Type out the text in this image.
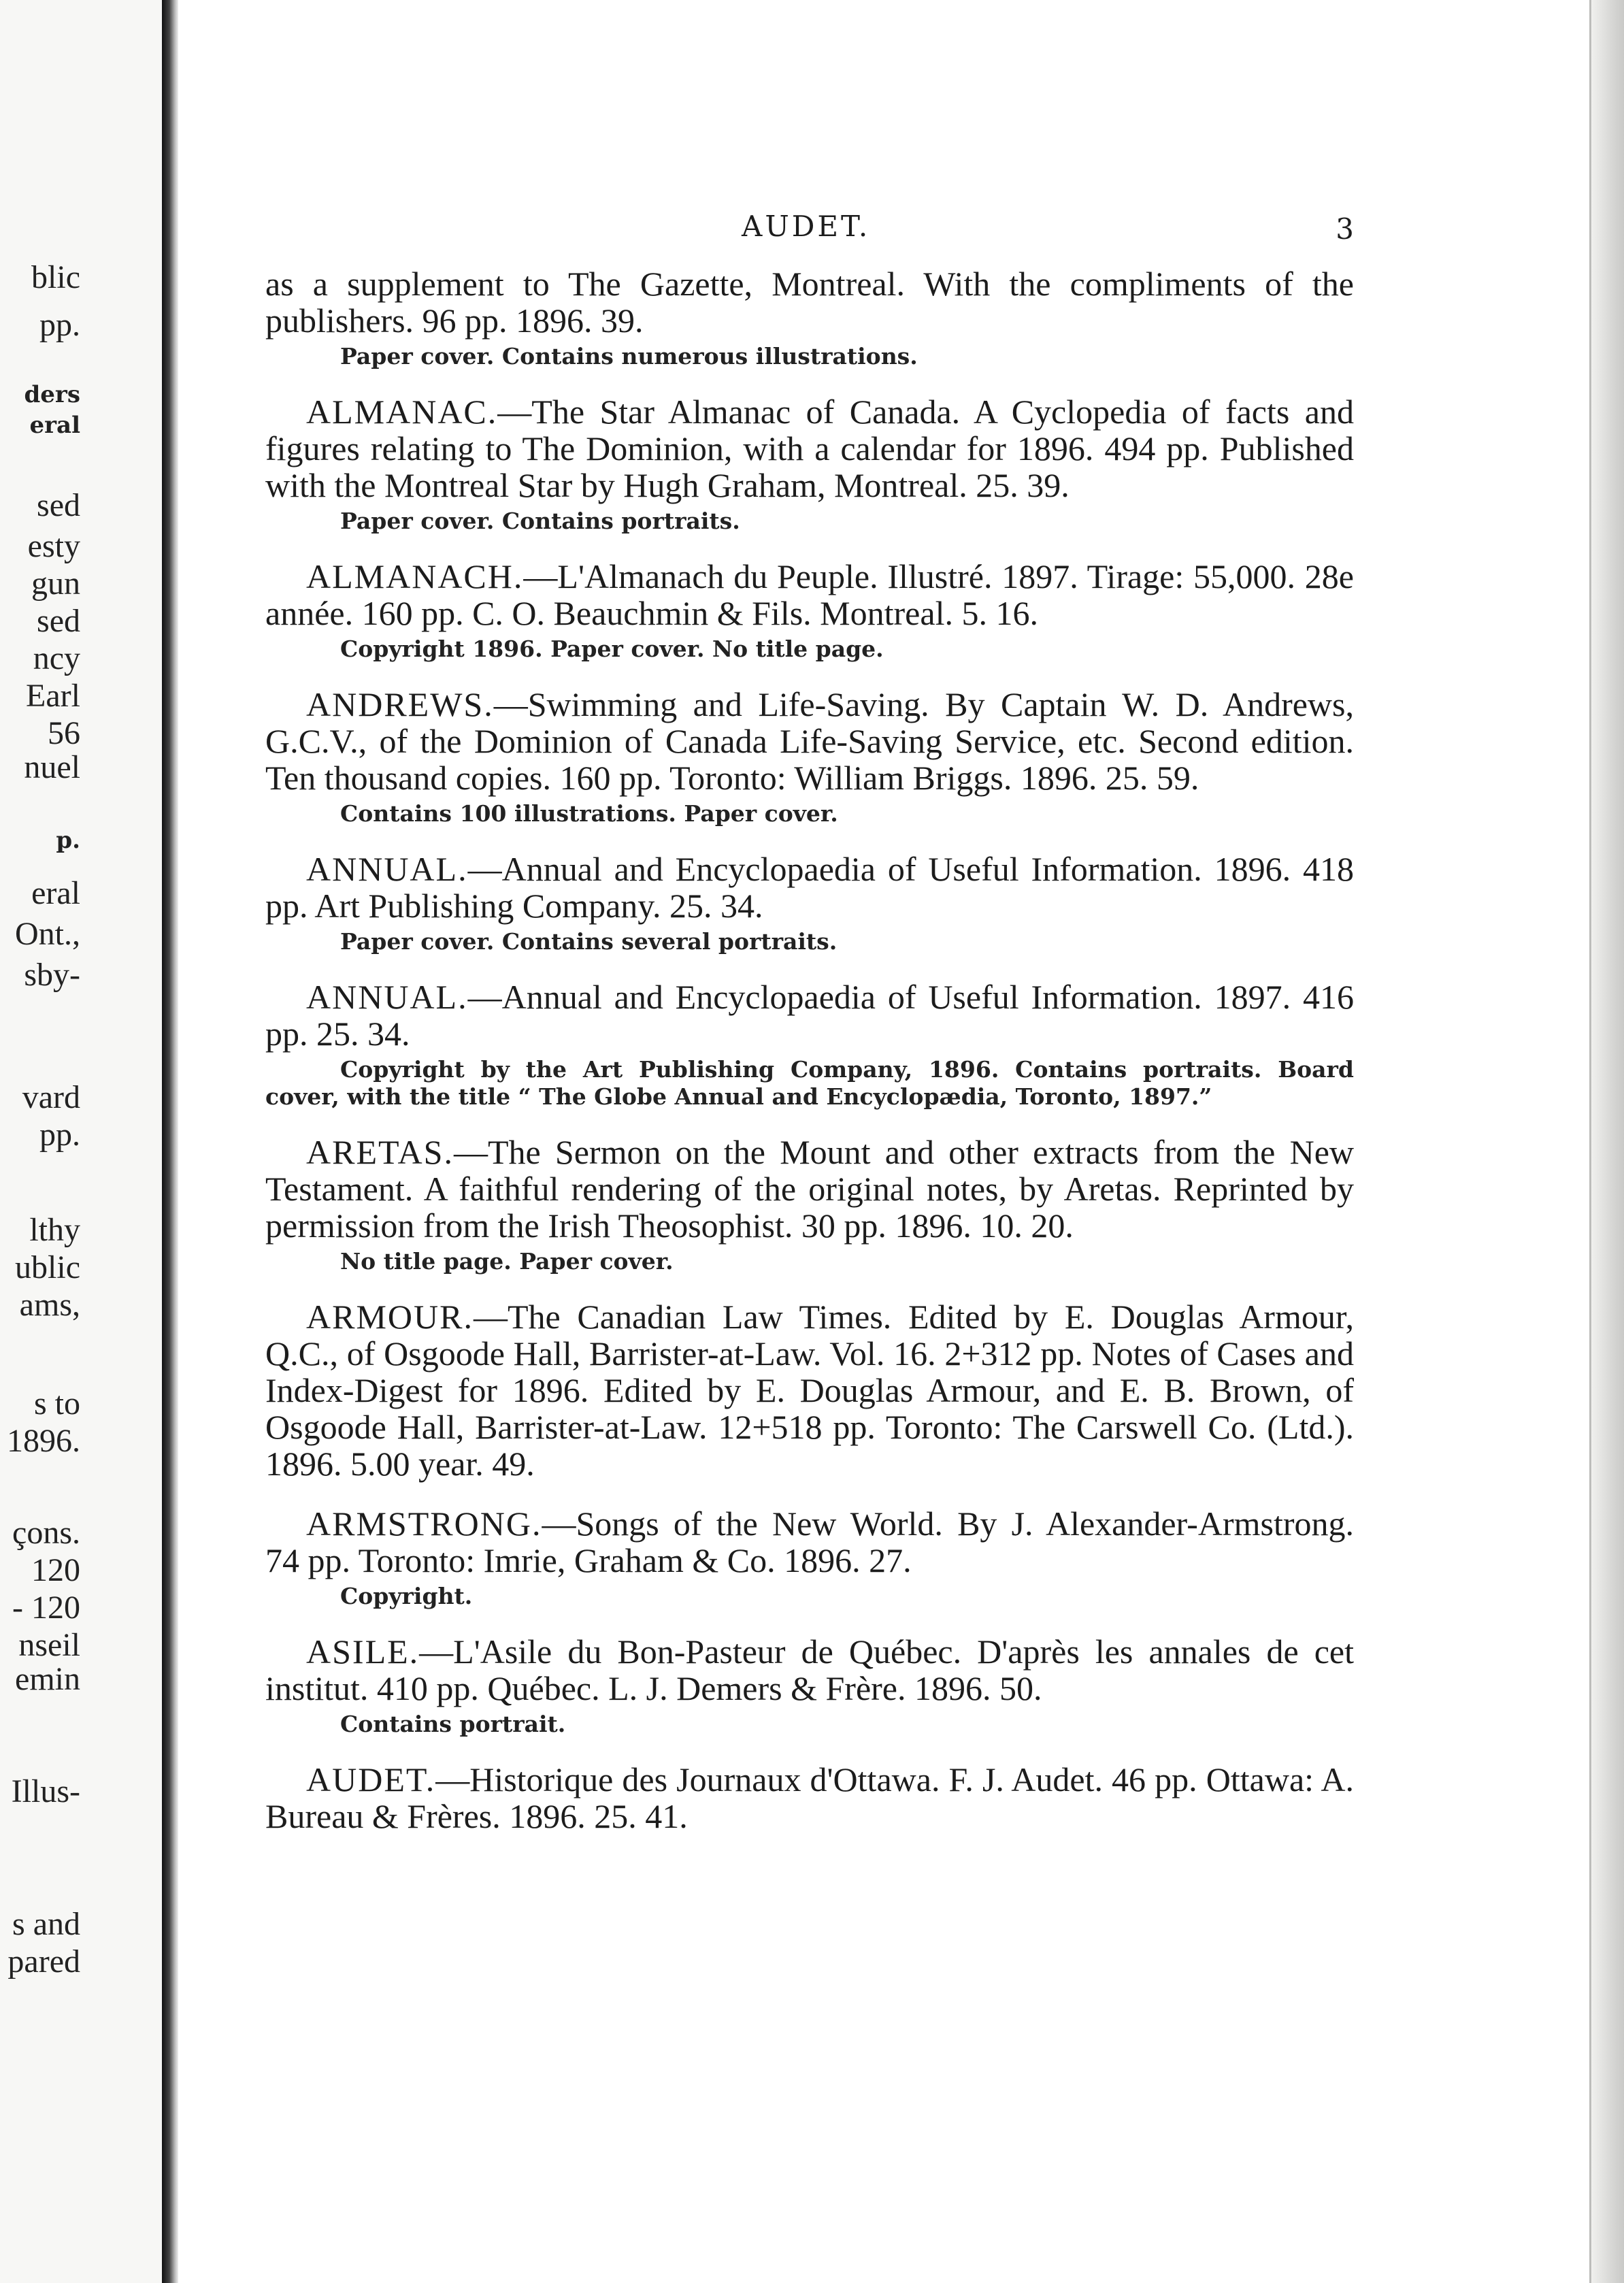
blic
pp.
ders
eral
sed
esty
gun
sed
ncy
Earl
56
nuel
p.
eral
Ont.,
sby-
vard
pp.
lthy
ublic
ams,
s to
1896.
çons.
120
- 120
nseil
emin
Illus-
s and
pared
AUDET.	3
as a supplement to The Gazette, Montreal. With the compliments of the publishers. 96 pp. 1896. 39.
Paper cover. Contains numerous illustrations.
ALMANAC.—The Star Almanac of Canada. A Cyclopedia of facts and figures relating to The Dominion, with a calendar for 1896. 494 pp. Published with the Montreal Star by Hugh Graham, Montreal. 25. 39.
Paper cover. Contains portraits.
ALMANACH.—L'Almanach du Peuple. Illustré. 1897. Tirage: 55,000. 28e année. 160 pp. C. O. Beauchmin & Fils. Montreal. 5. 16.
Copyright 1896. Paper cover. No title page.
ANDREWS.—Swimming and Life-Saving. By Captain W. D. Andrews, G.C.V., of the Dominion of Canada Life-Saving Service, etc. Second edition. Ten thousand copies. 160 pp. Toronto: William Briggs. 1896. 25. 59.
Contains 100 illustrations. Paper cover.
ANNUAL.—Annual and Encyclopaedia of Useful Information. 1896. 418 pp. Art Publishing Company. 25. 34.
Paper cover. Contains several portraits.
ANNUAL.—Annual and Encyclopaedia of Useful Information. 1897. 416 pp. 25. 34.
Copyright by the Art Publishing Company, 1896. Contains portraits. Board cover, with the title “ The Globe Annual and Encyclopædia, Toronto, 1897.”
ARETAS.—The Sermon on the Mount and other extracts from the New Testament. A faithful rendering of the original notes, by Aretas. Reprinted by permission from the Irish Theosophist. 30 pp. 1896. 10. 20.
No title page. Paper cover.
ARMOUR.—The Canadian Law Times. Edited by E. Douglas Armour, Q.C., of Osgoode Hall, Barrister-at-Law. Vol. 16. 2+312 pp. Notes of Cases and Index-Digest for 1896. Edited by E. Douglas Armour, and E. B. Brown, of Osgoode Hall, Barrister-at-Law. 12+518 pp. Toronto: The Carswell Co. (Ltd.). 1896. 5.00 year. 49.
ARMSTRONG.—Songs of the New World. By J. Alexander-Armstrong. 74 pp. Toronto: Imrie, Graham & Co. 1896. 27.
Copyright.
ASILE.—L'Asile du Bon-Pasteur de Québec. D'après les annales de cet institut. 410 pp. Québec. L. J. Demers & Frère. 1896. 50.
Contains portrait.
AUDET.—Historique des Journaux d'Ottawa. F. J. Audet. 46 pp. Ottawa: A. Bureau & Frères. 1896. 25. 41.
